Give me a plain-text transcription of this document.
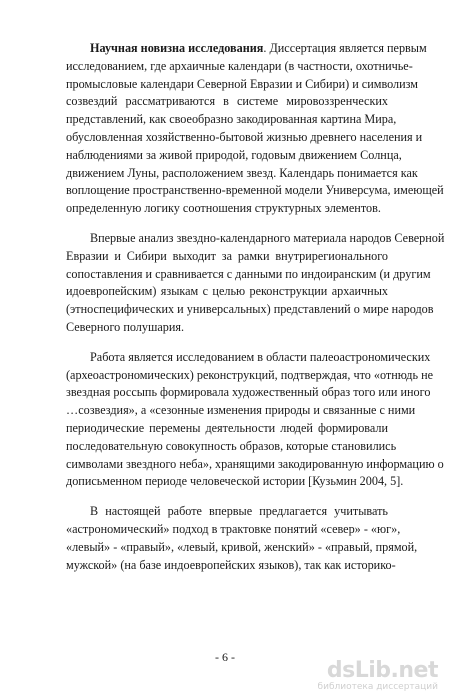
Научная новизна исследования. Диссертация является первым
исследованием, где архаичные календари (в частности, охотничье-
промысловые календари Северной Евразии и Сибири) и символизм
созвездий рассматриваются в системе мировоззренческих
представлений, как своеобразно закодированная картина Мира,
обусловленная хозяйственно-бытовой жизнью древнего населения и
наблюдениями за живой природой, годовым движением Солнца,
движением Луны, расположением звезд. Календарь понимается как
воплощение пространственно-временной модели Универсума, имеющей
определенную логику соотношения структурных элементов.
Впервые анализ звездно-календарного материала народов Северной
Евразии и Сибири выходит за рамки внутрирегионального
сопоставления и сравнивается с данными по индоиранским (и другим
идоевропейским) языкам с целью реконструкции архаичных
(этноспецифических и универсальных) представлений о мире народов
Северного полушария.
Работа является исследованием в области палеоастрономических
(археоастрономических) реконструкций, подтверждая, что «отнюдь не
звездная россыпь формировала художественный образ того или иного
…созвездия», а «сезонные изменения природы и связанные с ними
периодические перемены деятельности людей формировали
последовательную совокупность образов, которые становились
символами звездного неба», хранящими закодированную информацию о
дописьменном периоде человеческой истории [Кузьмин 2004, 5].
В настоящей работе впервые предлагается учитывать
«астрономический» подход в трактовке понятий «север» - «юг»,
«левый» - «правый», «левый, кривой, женский» - «правый, прямой,
мужской» (на базе индоевропейских языков), так как историко-
- 6 -
dsLib.net
библиотека диссертаций
